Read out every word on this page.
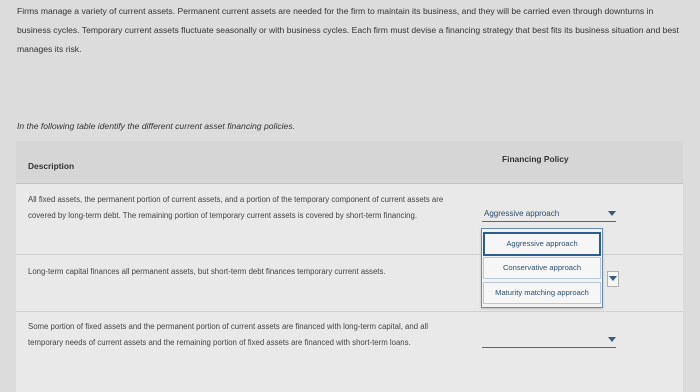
Firms manage a variety of current assets. Permanent current assets are needed for the firm to maintain its business, and they will be carried even through downturns in business cycles. Temporary current assets fluctuate seasonally or with business cycles. Each firm must devise a financing strategy that best fits its business situation and best manages its risk.
In the following table identify the different current asset financing policies.
Description
Financing Policy
All fixed assets, the permanent portion of current assets, and a portion of the temporary component of current assets are covered by long-term debt. The remaining portion of temporary current assets is covered by short-term financing.	Aggressive approach
Long-term capital finances all permanent assets, but short-term debt finances temporary current assets.
Some portion of fixed assets and the permanent portion of current assets are financed with long-term capital, and all temporary needs of current assets and the remaining portion of fixed assets are financed with short-term loans.
Aggressive approach
Conservative approach
Maturity matching approach
